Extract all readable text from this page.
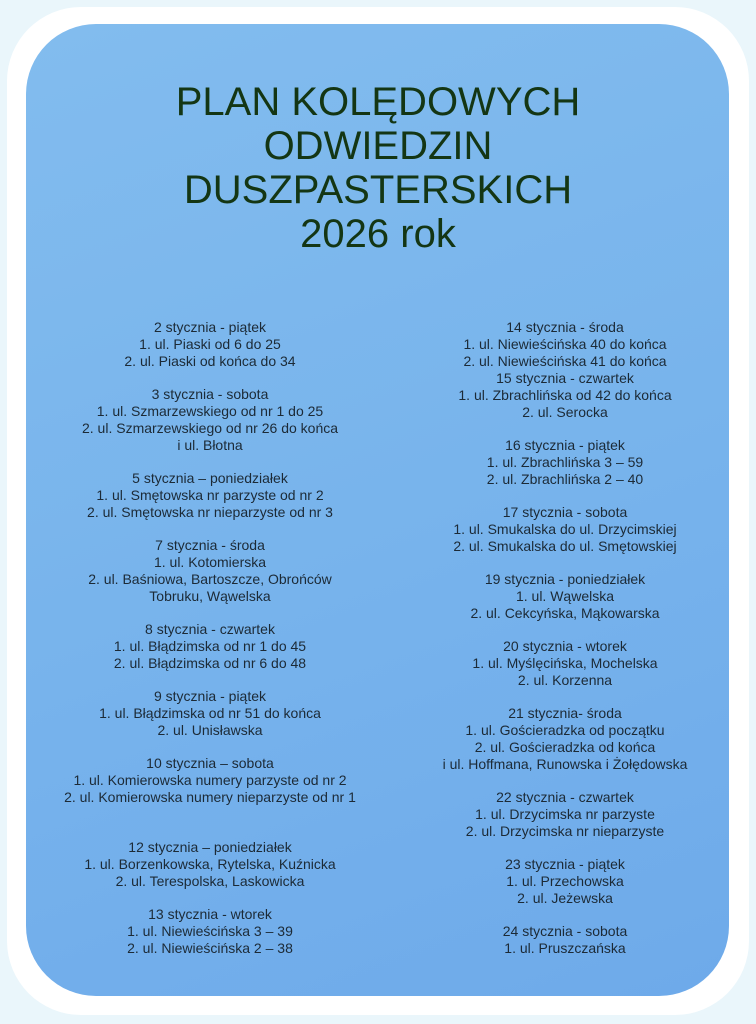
PLAN KOLĘDOWYCH
ODWIEDZIN
DUSZPASTERSKICH
2026 rok
2 stycznia - piątek
1. ul. Piaski od 6 do 25
2. ul. Piaski od końca do 34
3 stycznia - sobota
1. ul. Szmarzewskiego od nr 1 do 25
2. ul. Szmarzewskiego od nr 26 do końca
i ul. Błotna
5 stycznia – poniedziałek
1. ul. Smętowska nr parzyste od nr 2
2. ul. Smętowska nr nieparzyste od nr 3
7 stycznia - środa
1. ul. Kotomierska
2. ul. Baśniowa, Bartoszcze, Obrońców
Tobruku, Wąwelska
8 stycznia - czwartek
1. ul. Błądzimska od nr 1 do 45
2. ul. Błądzimska od nr 6 do 48
9 stycznia - piątek
1. ul. Błądzimska od nr 51 do końca
2. ul. Unisławska
10 stycznia – sobota
1. ul. Komierowska numery parzyste od nr 2
2. ul. Komierowska numery nieparzyste od nr 1
12 stycznia – poniedziałek
1. ul. Borzenkowska, Rytelska, Kuźnicka
2. ul. Terespolska, Laskowicka
13 stycznia - wtorek
1. ul. Niewieścińska 3 – 39
2. ul. Niewieścińska 2 – 38
14 stycznia - środa
1. ul. Niewieścińska 40 do końca
2. ul. Niewieścińska 41 do końca
15 stycznia - czwartek
1. ul. Zbrachlińska od 42 do końca
2. ul. Serocka
16 stycznia - piątek
1. ul. Zbrachlińska 3 – 59
2. ul. Zbrachlińska 2 – 40
17 stycznia - sobota
1. ul. Smukalska do ul. Drzycimskiej
2. ul. Smukalska do ul. Smętowskiej
19 stycznia - poniedziałek
1. ul. Wąwelska
2. ul. Cekcyńska, Mąkowarska
20 stycznia - wtorek
1. ul. Myślęcińska, Mochelska
2. ul. Korzenna
21 stycznia- środa
1. ul. Gościeradzka od początku
2. ul. Gościeradzka od końca
i ul. Hoffmana, Runowska i Żołędowska
22 stycznia - czwartek
1. ul. Drzycimska nr parzyste
2. ul. Drzycimska nr nieparzyste
23 stycznia - piątek
1. ul. Przechowska
2. ul. Jeżewska
24 stycznia - sobota
1. ul. Pruszczańska
